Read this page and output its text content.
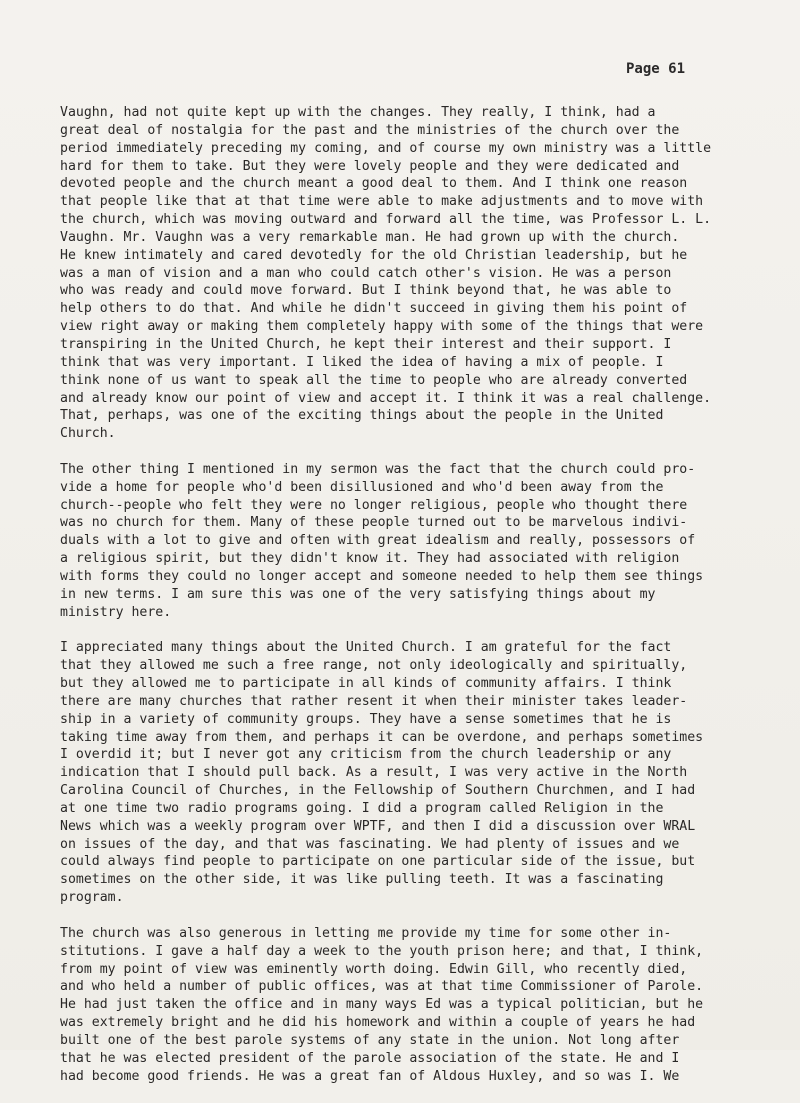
Page 61
Vaughn, had not quite kept up with the changes. They really, I think, had a
great deal of nostalgia for the past and the ministries of the church over the
period immediately preceding my coming, and of course my own ministry was a little
hard for them to take. But they were lovely people and they were dedicated and
devoted people and the church meant a good deal to them. And I think one reason
that people like that at that time were able to make adjustments and to move with
the church, which was moving outward and forward all the time, was Professor L. L.
Vaughn. Mr. Vaughn was a very remarkable man. He had grown up with the church.
He knew intimately and cared devotedly for the old Christian leadership, but he
was a man of vision and a man who could catch other's vision. He was a person
who was ready and could move forward. But I think beyond that, he was able to
help others to do that. And while he didn't succeed in giving them his point of
view right away or making them completely happy with some of the things that were
transpiring in the United Church, he kept their interest and their support. I
think that was very important. I liked the idea of having a mix of people. I
think none of us want to speak all the time to people who are already converted
and already know our point of view and accept it. I think it was a real challenge.
That, perhaps, was one of the exciting things about the people in the United
Church.
The other thing I mentioned in my sermon was the fact that the church could pro-
vide a home for people who'd been disillusioned and who'd been away from the
church--people who felt they were no longer religious, people who thought there
was no church for them. Many of these people turned out to be marvelous indivi-
duals with a lot to give and often with great idealism and really, possessors of
a religious spirit, but they didn't know it. They had associated with religion
with forms they could no longer accept and someone needed to help them see things
in new terms. I am sure this was one of the very satisfying things about my
ministry here.
I appreciated many things about the United Church. I am grateful for the fact
that they allowed me such a free range, not only ideologically and spiritually,
but they allowed me to participate in all kinds of community affairs. I think
there are many churches that rather resent it when their minister takes leader-
ship in a variety of community groups. They have a sense sometimes that he is
taking time away from them, and perhaps it can be overdone, and perhaps sometimes
I overdid it; but I never got any criticism from the church leadership or any
indication that I should pull back. As a result, I was very active in the North
Carolina Council of Churches, in the Fellowship of Southern Churchmen, and I had
at one time two radio programs going. I did a program called Religion in the
News which was a weekly program over WPTF, and then I did a discussion over WRAL
on issues of the day, and that was fascinating. We had plenty of issues and we
could always find people to participate on one particular side of the issue, but
sometimes on the other side, it was like pulling teeth. It was a fascinating
program.
The church was also generous in letting me provide my time for some other in-
stitutions. I gave a half day a week to the youth prison here; and that, I think,
from my point of view was eminently worth doing. Edwin Gill, who recently died,
and who held a number of public offices, was at that time Commissioner of Parole.
He had just taken the office and in many ways Ed was a typical politician, but he
was extremely bright and he did his homework and within a couple of years he had
built one of the best parole systems of any state in the union. Not long after
that he was elected president of the parole association of the state. He and I
had become good friends. He was a great fan of Aldous Huxley, and so was I. We
